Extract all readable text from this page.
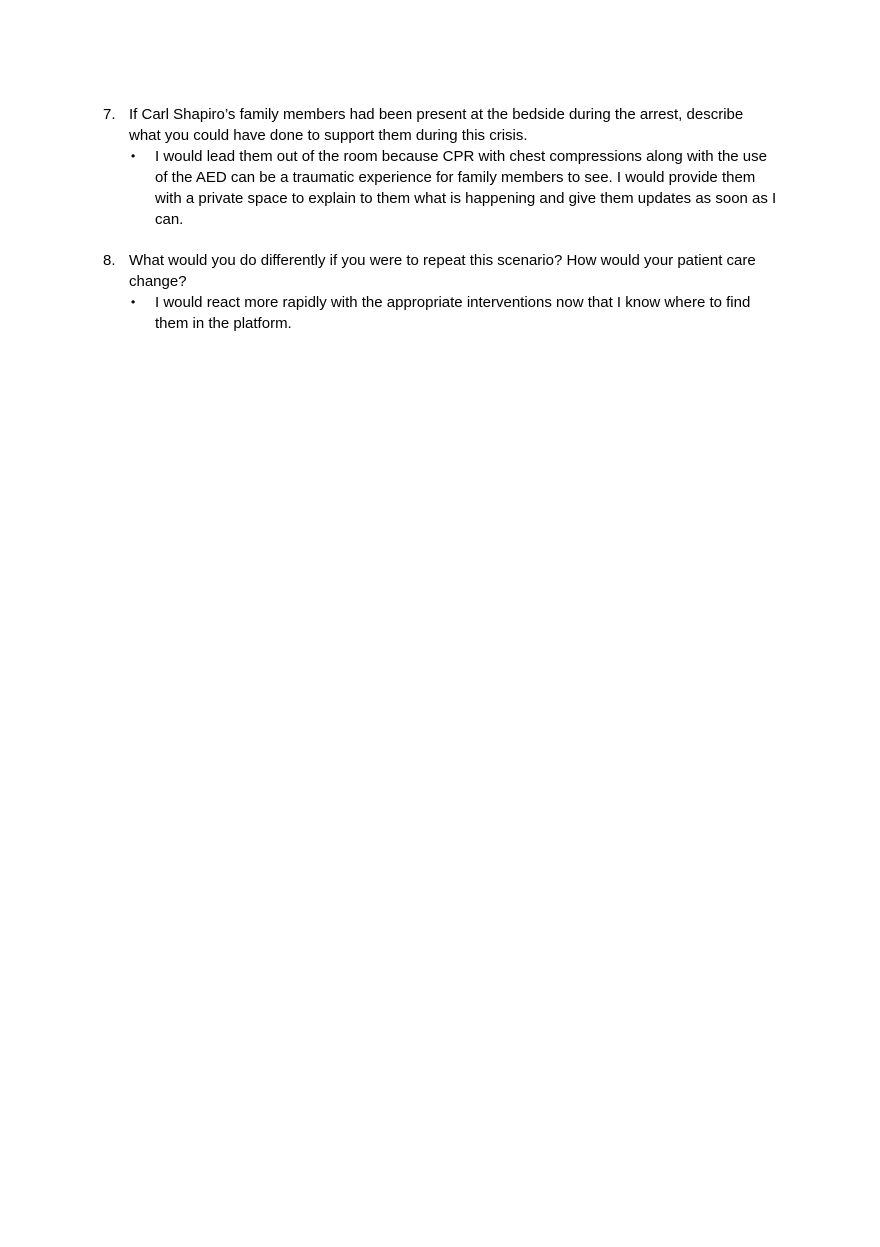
7. If Carl Shapiro’s family members had been present at the bedside during the arrest, describe what you could have done to support them during this crisis.
•	I would lead them out of the room because CPR with chest compressions along with the use of the AED can be a traumatic experience for family members to see. I would provide them with a private space to explain to them what is happening and give them updates as soon as I can.
8. What would you do differently if you were to repeat this scenario? How would your patient care change?
•	I would react more rapidly with the appropriate interventions now that I know where to find them in the platform.
